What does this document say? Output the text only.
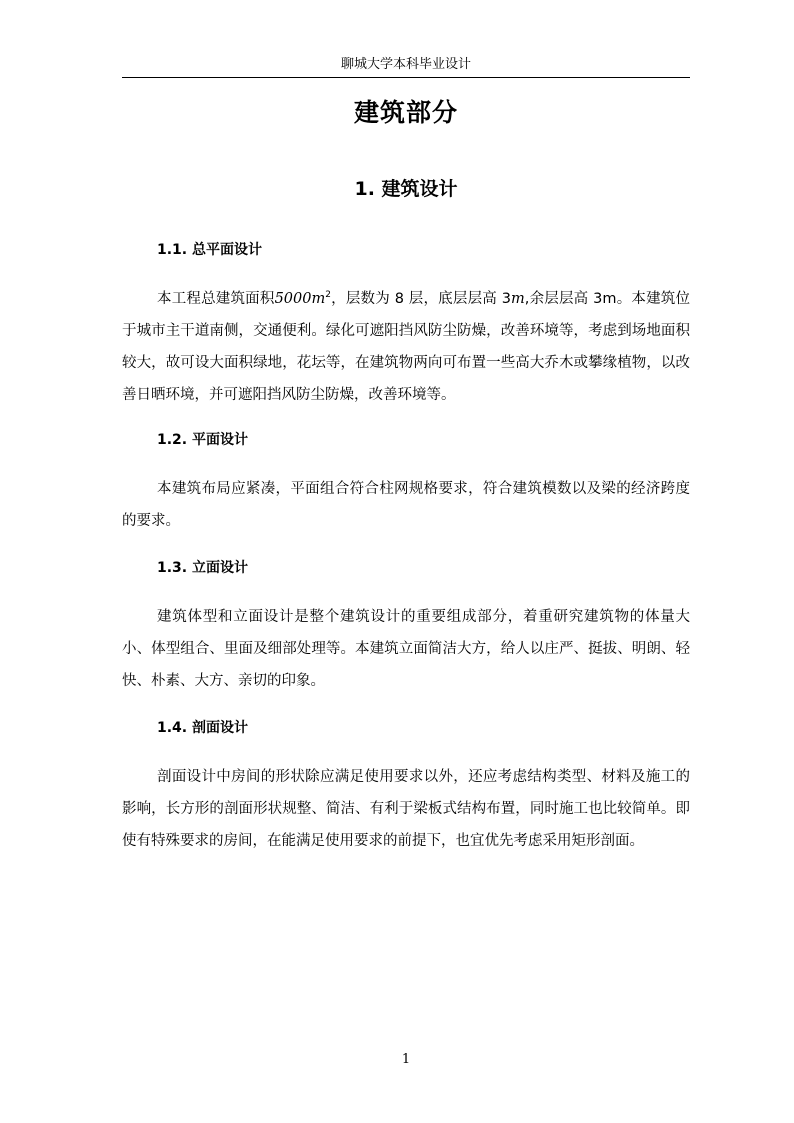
聊城大学本科毕业设计
建筑部分
1. 建筑设计
1.1. 总平面设计

本工程总建筑面积$5000m^2$，层数为 8 层，底层层高 3m,余层层高 3m。本建筑位于城市主干道南侧，交通便利。绿化可遮阳挡风防尘防燥，改善环境等，考虑到场地面积较大，故可设大面积绿地，花坛等，在建筑物两向可布置一些高大乔木或攀缘植物，以改善日晒环境，并可遮阳挡风防尘防燥，改善环境等。

1.2. 平面设计

本建筑布局应紧凑，平面组合符合柱网规格要求，符合建筑模数以及梁的经济跨度的要求。

1.3. 立面设计

建筑体型和立面设计是整个建筑设计的重要组成部分，着重研究建筑物的体量大小、体型组合、里面及细部处理等。本建筑立面简洁大方，给人以庄严、挺拔、明朗、轻快、朴素、大方、亲切的印象。

1.4. 剖面设计

剖面设计中房间的形状除应满足使用要求以外，还应考虑结构类型、材料及施工的影响，长方形的剖面形状规整、简洁、有利于梁板式结构布置，同时施工也比较简单。即使有特殊要求的房间，在能满足使用要求的前提下，也宜优先考虑采用矩形剖面。

1
